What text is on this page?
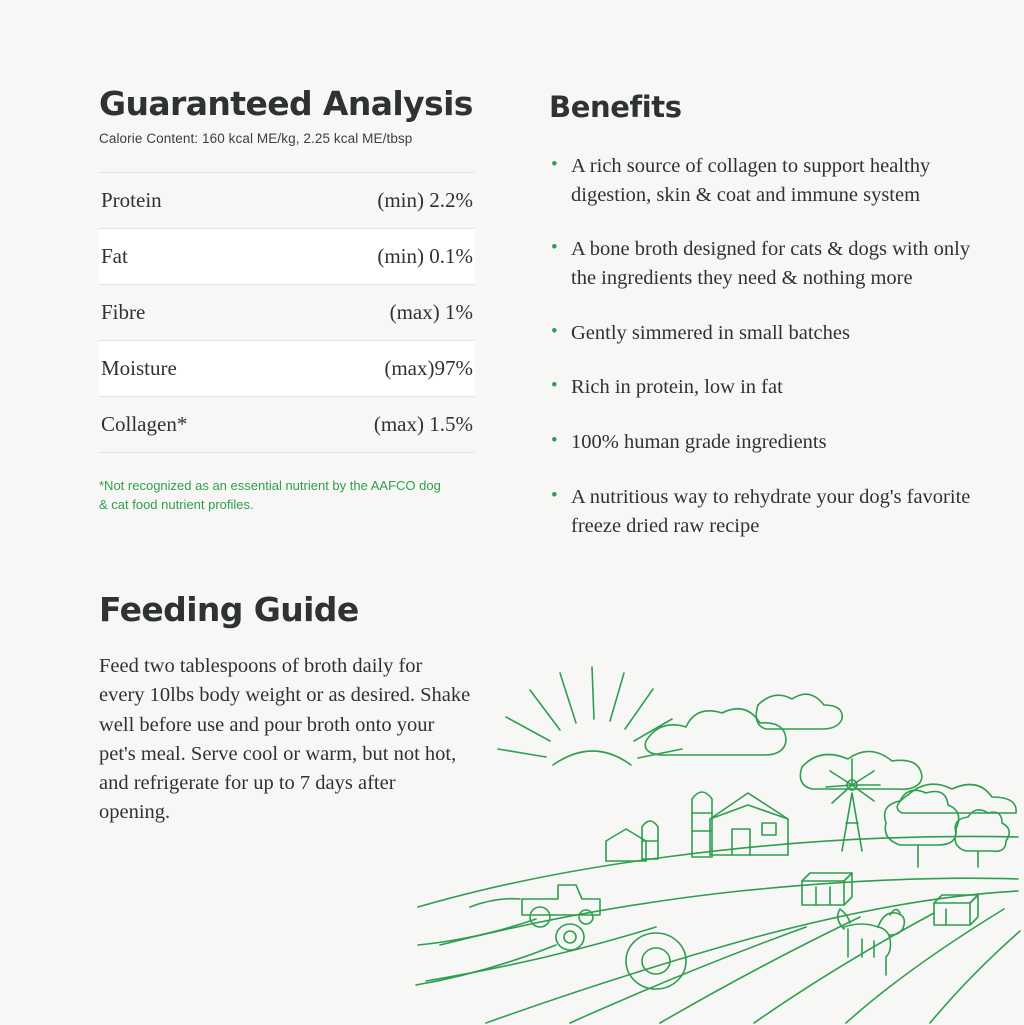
Guaranteed Analysis
Calorie Content: 160 kcal ME/kg, 2.25 kcal ME/tbsp
Protein	(min) 2.2%
Fat	(min) 0.1%
Fibre	(max) 1%
Moisture	(max)97%
Collagen*	(max) 1.5%
*Not recognized as an essential nutrient by the AAFCO dog & cat food nutrient profiles.
Feeding Guide
Feed two tablespoons of broth daily for every 10lbs body weight or as desired. Shake well before use and pour broth onto your pet's meal. Serve cool or warm, but not hot, and refrigerate for up to 7 days after opening.
Benefits
• A rich source of collagen to support healthy digestion, skin & coat and immune system
• A bone broth designed for cats & dogs with only the ingredients they need & nothing more
• Gently simmered in small batches
• Rich in protein, low in fat
• 100% human grade ingredients
• A nutritious way to rehydrate your dog's favorite freeze dried raw recipe
